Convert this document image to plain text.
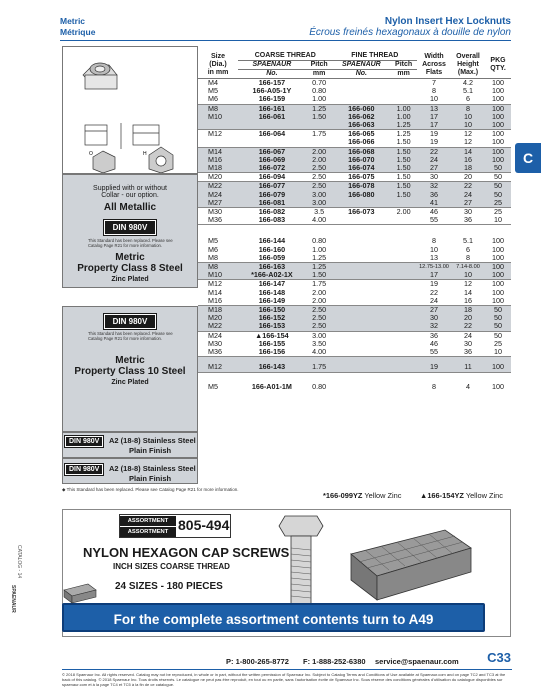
Metric	Nylon Insert Hex Locknuts
Métrique	Écrous freinés hexagonaux à douille de nylon
C
O	H
Supplied with or without
Collar - our option.
All Metallic
DIN 980V
This Standard has been replaced. Please see
Catalog Page R21 for more information.
Metric
Property Class 8 Steel
Zinc Plated
DIN 980V
This Standard has been replaced. Please see
Catalog Page R21 for more information.
Metric
Property Class 10 Steel
Zinc Plated
DIN 980V	A2 (18-8) Stainless Steel
Plain Finish
DIN 980V	A2 (18-8) Stainless Steel
Plain Finish
Size
(Dia.)
in mm	COARSE THREAD		FINE THREAD		Width
Across
Flats	Overall
Height
(Max.)	PKG
QTY.
	SPAENAUR	Pitch	SPAENAUR	Pitch			
	No.	mm	No.	mm			
M4	166-157	0.70			7	4.2	100
M5	166-A05-1Y	0.80			8	5.1	100
M6	166-159	1.00			10	6	100
M8	166-161	1.25	166-060	1.00	13	8	100
M10	166-061	1.50	166-062	1.00	17	10	100
			166-063	1.25	17	10	100
M12	166-064	1.75	166-065	1.25	19	12	100
			166-066	1.50	19	12	100
M14	166-067	2.00	166-068	1.50	22	14	100
M16	166-069	2.00	166-070	1.50	24	16	100
M18	166-072	2.50	166-074	1.50	27	18	50
M20	166-094	2.50	166-075	1.50	30	20	50
M22	166-077	2.50	166-078	1.50	32	22	50
M24	166-079	3.00	166-080	1.50	36	24	50
M27	166-081	3.00			41	27	25
M30	166-082	3.5	166-073	2.00	46	30	25
M36	166-083	4.00			55	36	10
M5	166-144	0.80			8	5.1	100
M6	166-160	1.00			10	6	100
M8	166-059	1.25			13	8	100
M8	166-163	1.25			12.75-13.00	7.14-8.00	100
M10	*166-A02-1X	1.50			17	10	100
M12	166-147	1.75			19	12	100
M14	166-148	2.00			22	14	100
M16	166-149	2.00			24	16	100
M18	166-150	2.50			27	18	50
M20	166-152	2.50			30	20	50
M22	166-153	2.50			32	22	50
M24	▲166-154	3.00			36	24	50
M30	166-155	3.50			46	30	25
M36	166-156	4.00			55	36	10
M12	166-143	1.75			19	11	100
M5	166-A01-1M	0.80			8	4	100
◆ This Standard has been replaced. Please see Catalog Page R21 for more information.
*166-099YZ Yellow Zinc	▲166-154YZ Yellow Zinc
ASSORTMENT
ASSORTMENT 805-494
NYLON HEXAGON CAP SCREWS
INCH SIZES COARSE THREAD
24 SIZES - 180 PIECES
For the complete assortment contents turn to A49
CATALOG - 14
SPAENAUR
P: 1-800-265-8772 F: 1-888-252-6380 service@spaenaur.com C33
© 2018 Spaenaur Inc. All rights reserved. Catalog may not be reproduced, in whole or in part, without the written permission of Spaenaur Inc. Subject to Catalog Terms and Conditions of Use available at Spaenaur.com and on page TC2 and TC3 at the back of this catalog. © 2018 Spaenaur Inc. Tous droits réservés. Le catalogue ne peut pas être reproduit, en tout ou en partie, sans l’autorisation écrite de Spaenaur Inc. Sous réserve des conditions générales d’utilisation du catalogue disponibles sur spaenaur.com et à la page TC4 et TC5 à la fin de ce catalogue.
